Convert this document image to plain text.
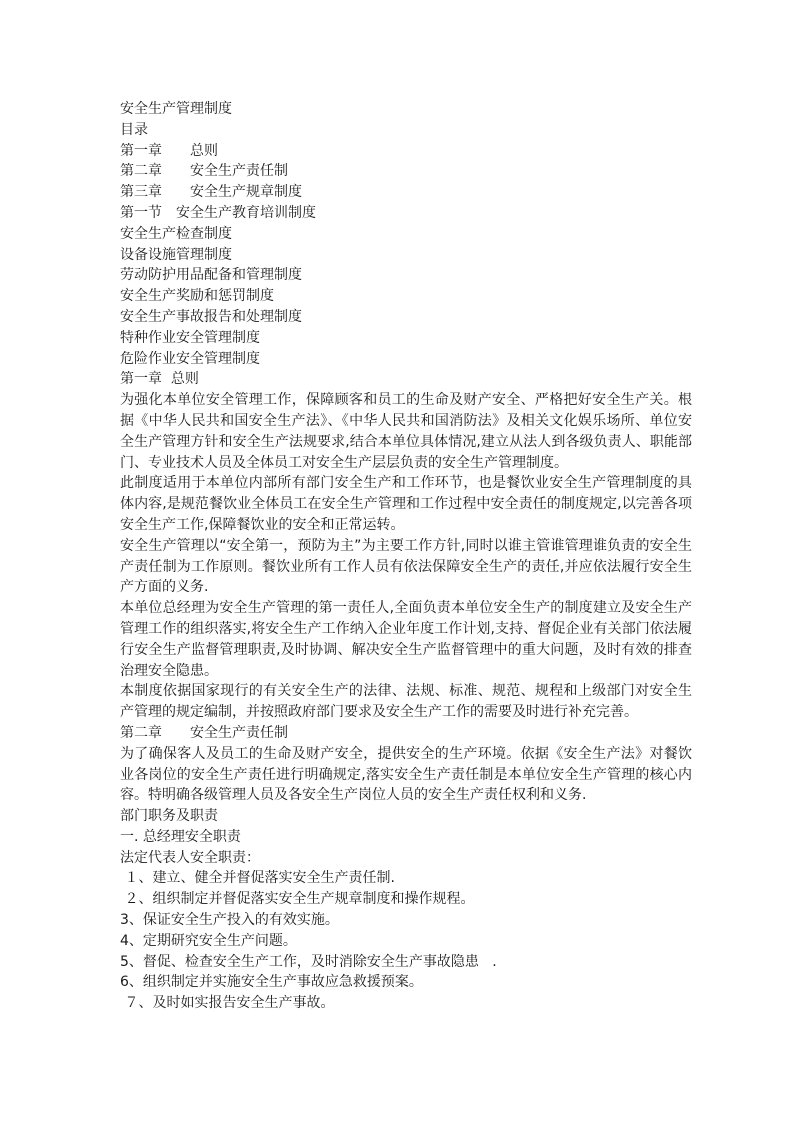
安全生产管理制度
目录
第一章 总则
第二章 安全生产责任制
第三章 安全生产规章制度
第一节 安全生产教育培训制度
安全生产检查制度
设备设施管理制度
劳动防护用品配备和管理制度
安全生产奖励和惩罚制度
安全生产事故报告和处理制度
特种作业安全管理制度
危险作业安全管理制度
第一章  总则
为强化本单位安全管理工作，保障顾客和员工的生命及财产安全、严格把好安全生产关。根据《中华人民共和国安全生产法》、《中华人民共和国消防法》及相关文化娱乐场所、单位安全生产管理方针和安全生产法规要求,结合本单位具体情况,建立从法人到各级负责人、职能部门、专业技术人员及全体员工对安全生产层层负责的安全生产管理制度。
此制度适用于本单位内部所有部门安全生产和工作环节，也是餐饮业安全生产管理制度的具体内容,是规范餐饮业全体员工在安全生产管理和工作过程中安全责任的制度规定,以完善各项安全生产工作,保障餐饮业的安全和正常运转。
安全生产管理以“安全第一，预防为主”为主要工作方针,同时以谁主管谁管理谁负责的安全生产责任制为工作原则。餐饮业所有工作人员有依法保障安全生产的责任,并应依法履行安全生产方面的义务.
本单位总经理为安全生产管理的第一责任人,全面负责本单位安全生产的制度建立及安全生产管理工作的组织落实,将安全生产工作纳入企业年度工作计划,支持、督促企业有关部门依法履行安全生产监督管理职责,及时协调、解决安全生产监督管理中的重大问题，及时有效的排查治理安全隐患。
本制度依据国家现行的有关安全生产的法律、法规、标准、规范、规程和上级部门对安全生产管理的规定编制，并按照政府部门要求及安全生产工作的需要及时进行补充完善。
第二章 安全生产责任制
为了确保客人及员工的生命及财产安全，提供安全的生产环境。依据《安全生产法》对餐饮业各岗位的安全生产责任进行明确规定,落实安全生产责任制是本单位安全生产管理的核心内容。特明确各级管理人员及各安全生产岗位人员的安全生产责任权利和义务.
部门职务及职责
一. 总经理安全职责
法定代表人安全职责：
１、建立、健全并督促落实安全生产责任制.
２、组织制定并督促落实安全生产规章制度和操作规程。
3、保证安全生产投入的有效实施。
4、定期研究安全生产问题。
5、督促、检查安全生产工作，及时消除安全生产事故隐患   .
6、组织制定并实施安全生产事故应急救援预案。
７、及时如实报告安全生产事故。
